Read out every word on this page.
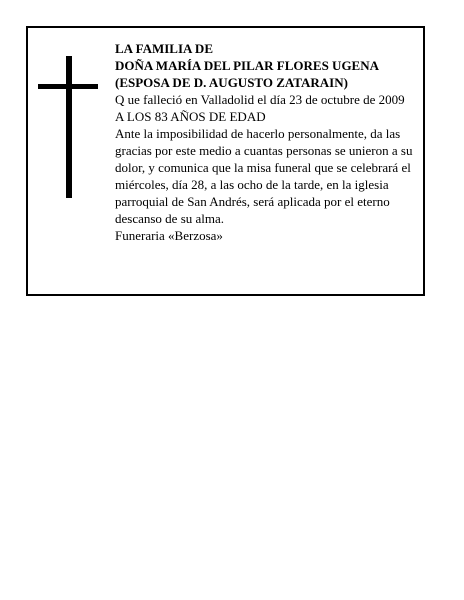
LA FAMILIA DE

DOÑA MARÍA DEL PILAR FLORES UGENA

(ESPOSA DE D. AUGUSTO ZATARAIN)

Q ue falleció en Valladolid el día 23 de octubre de 2009

A LOS 83 AÑOS DE EDAD

Ante la imposibilidad de hacerlo personalmente, da las gracias por este medio a cuantas personas se unieron a su dolor, y comunica que la misa funeral que se celebrará el miércoles, día 28, a las ocho de la tarde, en la iglesia parroquial de San Andrés, será aplicada por el eterno descanso de su alma.

Funeraria «Berzosa»
